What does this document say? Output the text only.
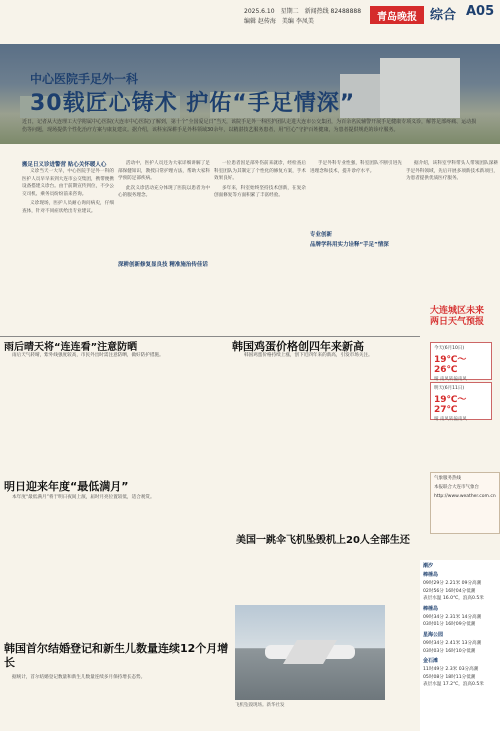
2025.6.10　 星期二　 新闻热线 82488888
编辑 赵传海　美编 李凤美	青岛晚报	综合 A05
中心医院手足外一科
30载匠心铸术 护佑“手足情深”
近日，记者从大连理工大学附属中心医院(大连市中心医院)了解到，第十个“全国爱足日”当天，该院手足外一科医护团队走进大连市公交集团，为百余名民辅警开展手足健康专项义诊，解答足部疼痛、运动损伤等问题，现场提供个性化治疗方案与康复建议。据介绍，该科室深耕手足外科领域30余年，以精湛技艺服务患者，用“匠心”守护百姓健康，为患者提供规范的诊疗服务。
搬足日义诊进警营 贴心关怀暖人心

义诊当天一大早，中心医院手足外一科的医护人员早早来到大连市公交集团，携带便携设备搭建义诊台。由于前期宣传到位，不少公交司机、乘务员纷纷前来咨询。

义诊现场，医护人员耐心询问病史，仔细查体，针对不同症状给出专业建议。

活动中，医护人员还为大家详细讲解了足部保健知识，教授日常护理方法，帮助大家科学预防足部疾病。

此次义诊活动充分体现了医院以患者为中心的服务理念。

深耕创新修复显良技 精准施治传佳话

一位患者因足部外伤前来就诊，经检查后科室团队为其制定了个性化的修复方案，手术效果良好。

多年来，科室始终坚持技术创新，在复杂创面修复等方面积累了丰富经验。

手足外科专业性强，科室团队不断引进先进理念和技术，提升诊疗水平。

专业创新
品牌学科用实力诠释“手足”情深

据介绍，该科室学科带头人带领团队深耕手足外科领域，先后开展多项新技术新项目，为患者提供优质医疗服务。

大连城区未来两日天气预报
今天(6月10日)
19℃～26℃
晴 南风转偏南风
明天(6月11日)
19℃～27℃
晴 南风转偏南风
雨后晴天将“连连看”注意防晒

雨后天气转晴，紫外线强度较高，市民外出时需注意防晒，做好防护措施。

明日迎来年度“最低满月”

本年度“最低满月”将于明日夜间上演，届时月亮位置较低，适合观赏。

韩国首尔结婚登记和新生儿数量连续12个月增长

据统计，首尔结婚登记数量和新生儿数量连续多月保持增长态势。

韩国鸡蛋价格创四年来新高

韩国鸡蛋价格持续上涨，创下近四年来的新高，引发市场关注。

美国一跳伞飞机坠毁机上20人全部生还
飞机坠毁现场。新华社发
气象服务热线
本报联合大连市气象台
http://www.weather.com.cn
潮汐
棒棰岛
09时29分 2.21米 09分高潮
02时56分 16时04分低潮
表层水温 16.0℃，浪高0.5米
棒棰岛
09时34分 2.31米 14分高潮
03时01分 16时09分低潮
星海公园
09时34分 2.41米 13分高潮
03时03分 16时10分低潮
金石滩
11时49分 2.3米 03分高潮
05时08分 18时11分低潮
表层水温 17.2℃，浪高0.5米
